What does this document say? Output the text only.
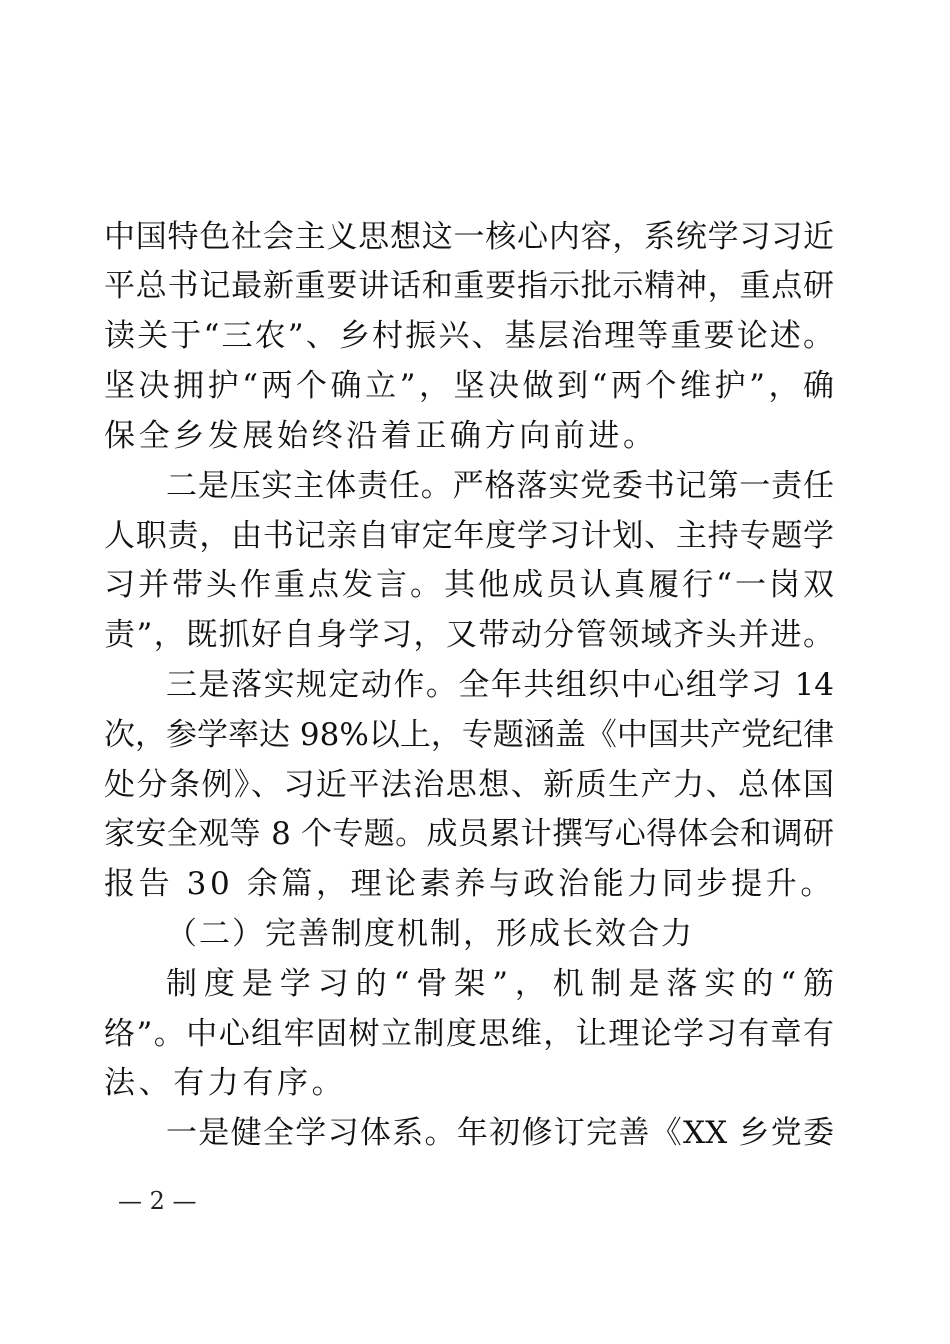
中国特色社会主义思想这一核心内容，系统学习习近
平总书记最新重要讲话和重要指示批示精神，重点研
读关于“三农”、乡村振兴、基层治理等重要论述。
坚决拥护“两个确立”，坚决做到“两个维护”，确
保全乡发展始终沿着正确方向前进。
二是压实主体责任。严格落实党委书记第一责任
人职责，由书记亲自审定年度学习计划、主持专题学
习并带头作重点发言。其他成员认真履行“一岗双
责”，既抓好自身学习，又带动分管领域齐头并进。
三是落实规定动作。全年共组织中心组学习 14
次，参学率达 98%以上，专题涵盖《中国共产党纪律
处分条例》、习近平法治思想、新质生产力、总体国
家安全观等 8 个专题。成员累计撰写心得体会和调研
报告 30 余篇，理论素养与政治能力同步提升。
（二）完善制度机制，形成长效合力
制度是学习的“骨架”，机制是落实的“筋
络”。中心组牢固树立制度思维，让理论学习有章有
法、有力有序。
一是健全学习体系。年初修订完善《XX 乡党委
— 2 —
